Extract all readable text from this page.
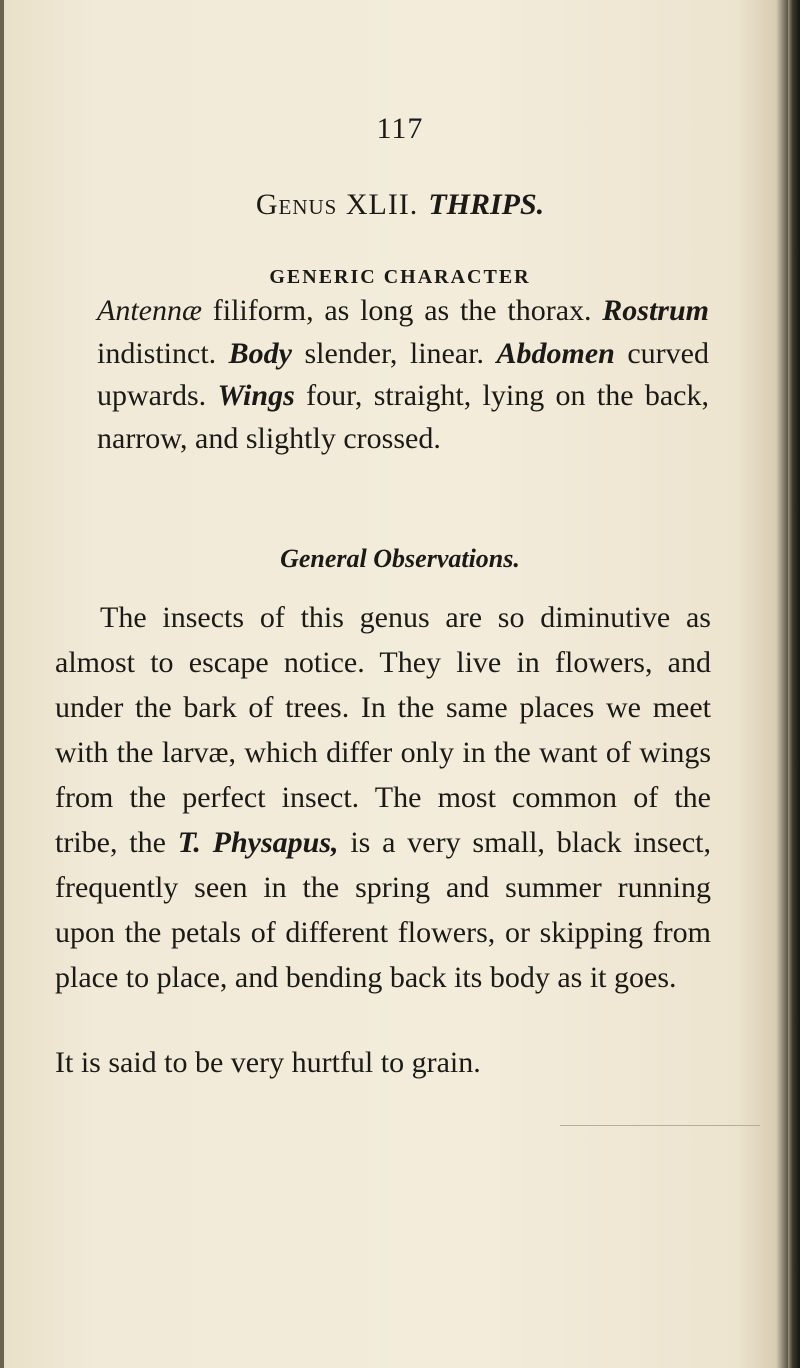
117
Genus XLII. THRIPS.
GENERIC CHARACTER
Antennæ filiform, as long as the thorax. Rostrum indistinct. Body slender, linear. Abdomen curved upwards. Wings four, straight, lying on the back, narrow, and slightly crossed.
General Observations.

The insects of this genus are so diminutive as almost to escape notice. They live in flowers, and under the bark of trees. In the same places we meet with the larvæ, which differ only in the want of wings from the perfect insect. The most common of the tribe, the T. Physapus, is a very small, black insect, frequently seen in the spring and summer running upon the petals of different flowers, or skipping from place to place, and bending back its body as it goes.

It is said to be very hurtful to grain.
